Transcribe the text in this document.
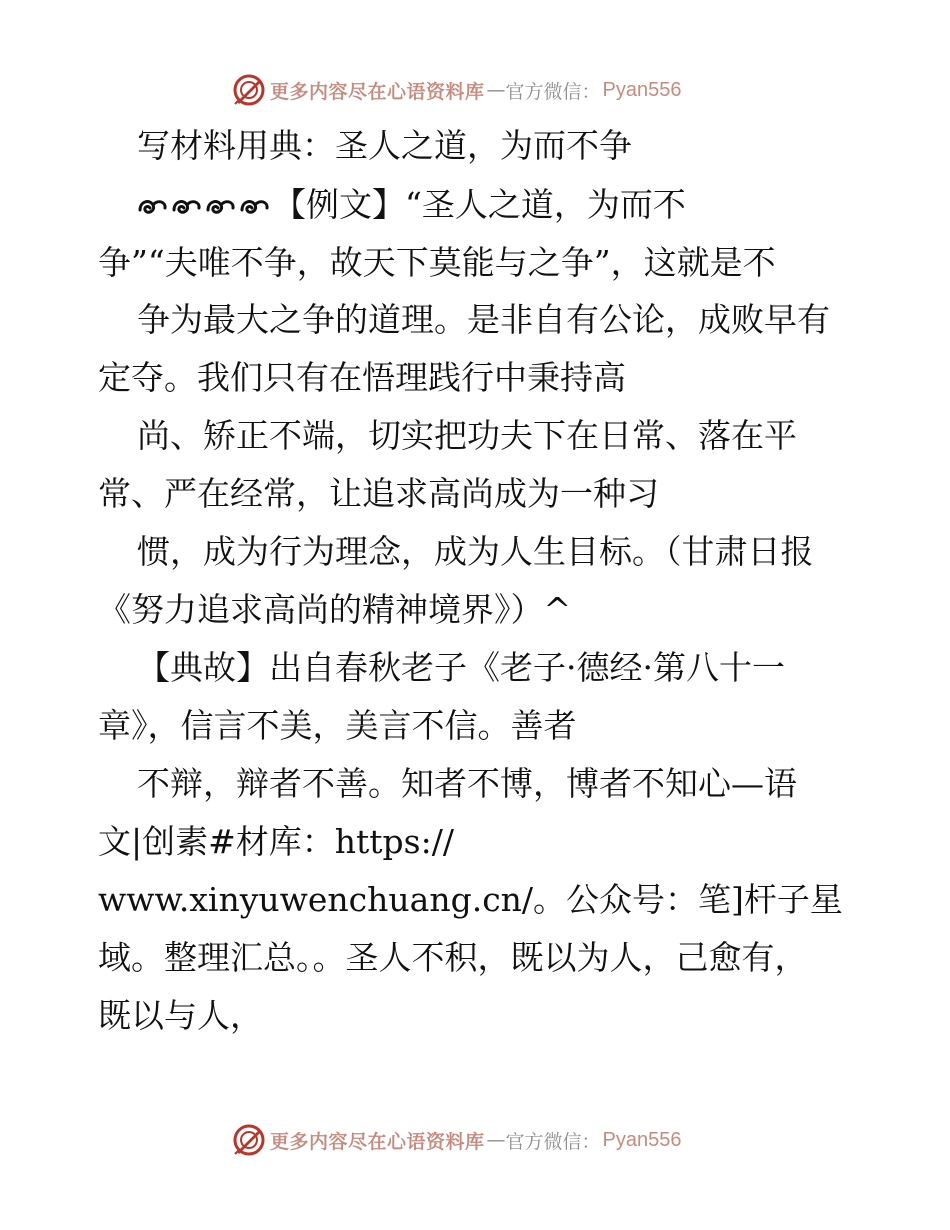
更多内容尽在心语资料库 — 官方微信： Pyan556
写材料用典：圣人之道，为而不争
【例文】“圣人之道，为而不
争”“夫唯不争，故天下莫能与之争”，这就是不
争为最大之争的道理。是非自有公论，成败早有
定夺。我们只有在悟理践行中秉持高
尚、矫正不端，切实把功夫下在日常、落在平
常、严在经常，让追求高尚成为一种习
惯，成为行为理念，成为人生目标。（甘肃日报
《努力追求高尚的精神境界》）^
【典故】出自春秋老子《老子·德经·第八十一
章》，信言不美，美言不信。善者
不辩，辩者不善。知者不博，博者不知心—语
文|创素#材库：https://
www.xinyuwenchuang.cn/。公众号：笔]杆子星
域。整理汇总。。圣人不积，既以为人，己愈有，
既以与人，
更多内容尽在心语资料库 — 官方微信： Pyan556
